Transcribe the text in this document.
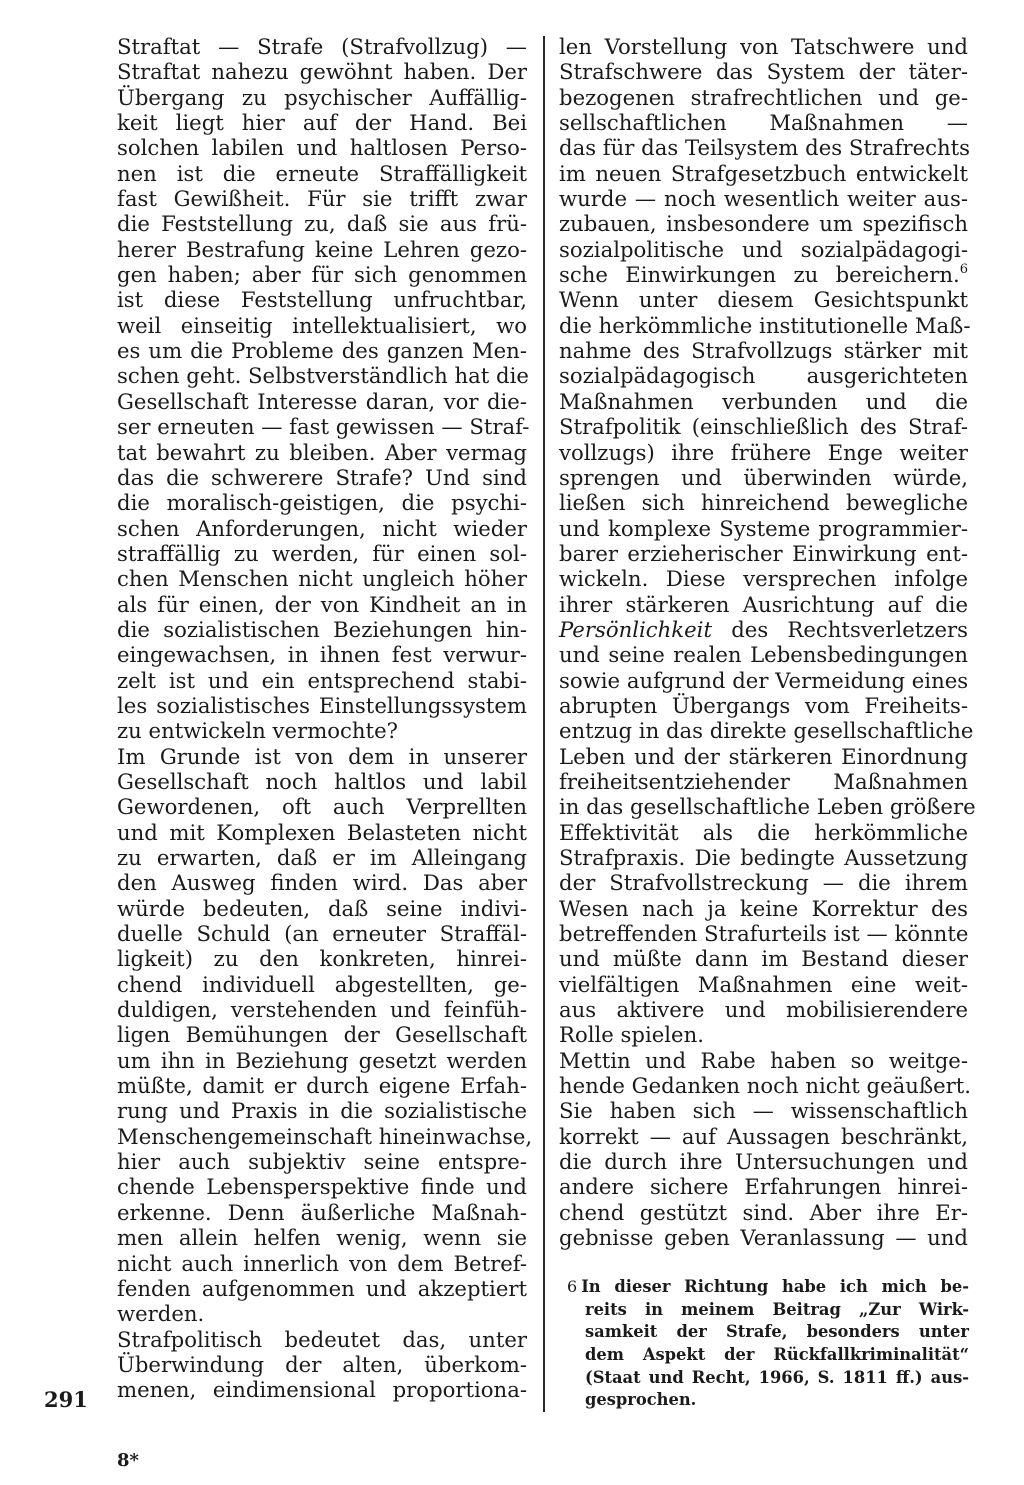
Straftat — Strafe (Strafvollzug) —
Straftat nahezu gewöhnt haben. Der
Übergang zu psychischer Auffällig-
keit liegt hier auf der Hand. Bei
solchen labilen und haltlosen Perso-
nen ist die erneute Straffälligkeit
fast Gewißheit. Für sie trifft zwar
die Feststellung zu, daß sie aus frü-
herer Bestrafung keine Lehren gezo-
gen haben; aber für sich genommen
ist diese Feststellung unfruchtbar,
weil einseitig intellektualisiert, wo
es um die Probleme des ganzen Men-
schen geht. Selbstverständlich hat die
Gesellschaft Interesse daran, vor die-
ser erneuten — fast gewissen — Straf-
tat bewahrt zu bleiben. Aber vermag
das die schwerere Strafe? Und sind
die moralisch-geistigen, die psychi-
schen Anforderungen, nicht wieder
straffällig zu werden, für einen sol-
chen Menschen nicht ungleich höher
als für einen, der von Kindheit an in
die sozialistischen Beziehungen hin-
eingewachsen, in ihnen fest verwur-
zelt ist und ein entsprechend stabi-
les sozialistisches Einstellungssystem
zu entwickeln vermochte?
Im Grunde ist von dem in unserer
Gesellschaft noch haltlos und labil
Gewordenen, oft auch Verprellten
und mit Komplexen Belasteten nicht
zu erwarten, daß er im Alleingang
den Ausweg finden wird. Das aber
würde bedeuten, daß seine indivi-
duelle Schuld (an erneuter Straffäl-
ligkeit) zu den konkreten, hinrei-
chend individuell abgestellten, ge-
duldigen, verstehenden und feinfüh-
ligen Bemühungen der Gesellschaft
um ihn in Beziehung gesetzt werden
müßte, damit er durch eigene Erfah-
rung und Praxis in die sozialistische
Menschengemeinschaft hineinwachse,
hier auch subjektiv seine entspre-
chende Lebensperspektive finde und
erkenne. Denn äußerliche Maßnah-
men allein helfen wenig, wenn sie
nicht auch innerlich von dem Betref-
fenden aufgenommen und akzeptiert
werden.
Strafpolitisch bedeutet das, unter
Überwindung der alten, überkom-
menen, eindimensional proportiona-
len Vorstellung von Tatschwere und
Strafschwere das System der täter-
bezogenen strafrechtlichen und ge-
sellschaftlichen Maßnahmen —
das für das Teilsystem des Strafrechts
im neuen Strafgesetzbuch entwickelt
wurde — noch wesentlich weiter aus-
zubauen, insbesondere um spezifisch
sozialpolitische und sozialpädagogi-
sche Einwirkungen zu bereichern.$^6$
Wenn unter diesem Gesichtspunkt
die herkömmliche institutionelle Maß-
nahme des Strafvollzugs stärker mit
sozialpädagogisch ausgerichteten
Maßnahmen verbunden und die
Strafpolitik (einschließlich des Straf-
vollzugs) ihre frühere Enge weiter
sprengen und überwinden würde,
ließen sich hinreichend bewegliche
und komplexe Systeme programmier-
barer erzieherischer Einwirkung ent-
wickeln. Diese versprechen infolge
ihrer stärkeren Ausrichtung auf die
Persönlichkeit des Rechtsverletzers
und seine realen Lebensbedingungen
sowie aufgrund der Vermeidung eines
abrupten Übergangs vom Freiheits-
entzug in das direkte gesellschaftliche
Leben und der stärkeren Einordnung
freiheitsentziehender Maßnahmen
in das gesellschaftliche Leben größere
Effektivität als die herkömmliche
Strafpraxis. Die bedingte Aussetzung
der Strafvollstreckung — die ihrem
Wesen nach ja keine Korrektur des
betreffenden Strafurteils ist — könnte
und müßte dann im Bestand dieser
vielfältigen Maßnahmen eine weit-
aus aktivere und mobilisierendere
Rolle spielen.
Mettin und Rabe haben so weitge-
hende Gedanken noch nicht geäußert.
Sie haben sich — wissenschaftlich
korrekt — auf Aussagen beschränkt,
die durch ihre Untersuchungen und
andere sichere Erfahrungen hinrei-
chend gestützt sind. Aber ihre Er-
gebnisse geben Veranlassung — und
6 In dieser Richtung habe ich mich be-
reits in meinem Beitrag „Zur Wirk-
samkeit der Strafe, besonders unter
dem Aspekt der Rückfallkriminalität“
(Staat und Recht, 1966, S. 1811 ff.) aus-
gesprochen.
291
8*
